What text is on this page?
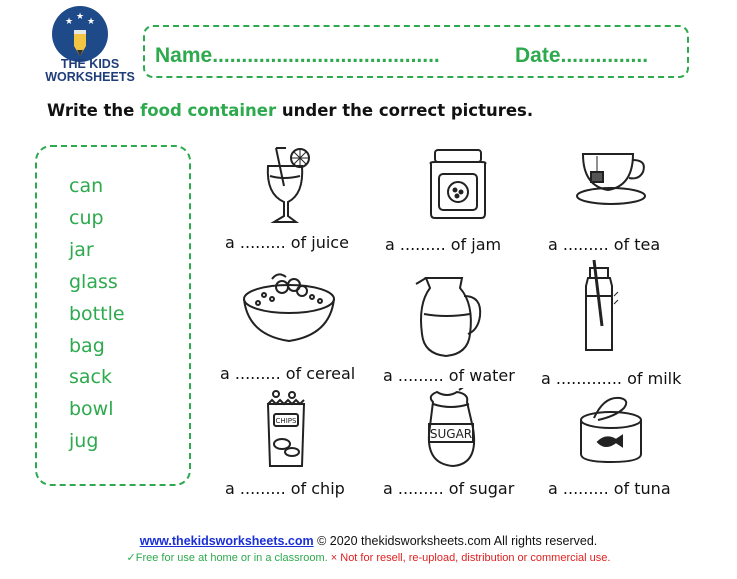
★ ★ ★
THE KIDS
WORKSHEETS
Name.......................................	Date...............
Write the food container under the correct pictures.
can
cup
jar
glass
bottle
bag
sack
bowl
jug
a ......... of juice a ......... of jam	a ......... of tea
a ......... of cereal a ......... of water a ............. of milk
CHIPS
a ......... of chip
SUGAR
a ......... of sugar a ......... of tuna
www.thekidsworksheets.com © 2020 thekidsworksheets.com All rights reserved.
✓Free for use at home or in a classroom. × Not for resell, re-upload, distribution or commercial use.
